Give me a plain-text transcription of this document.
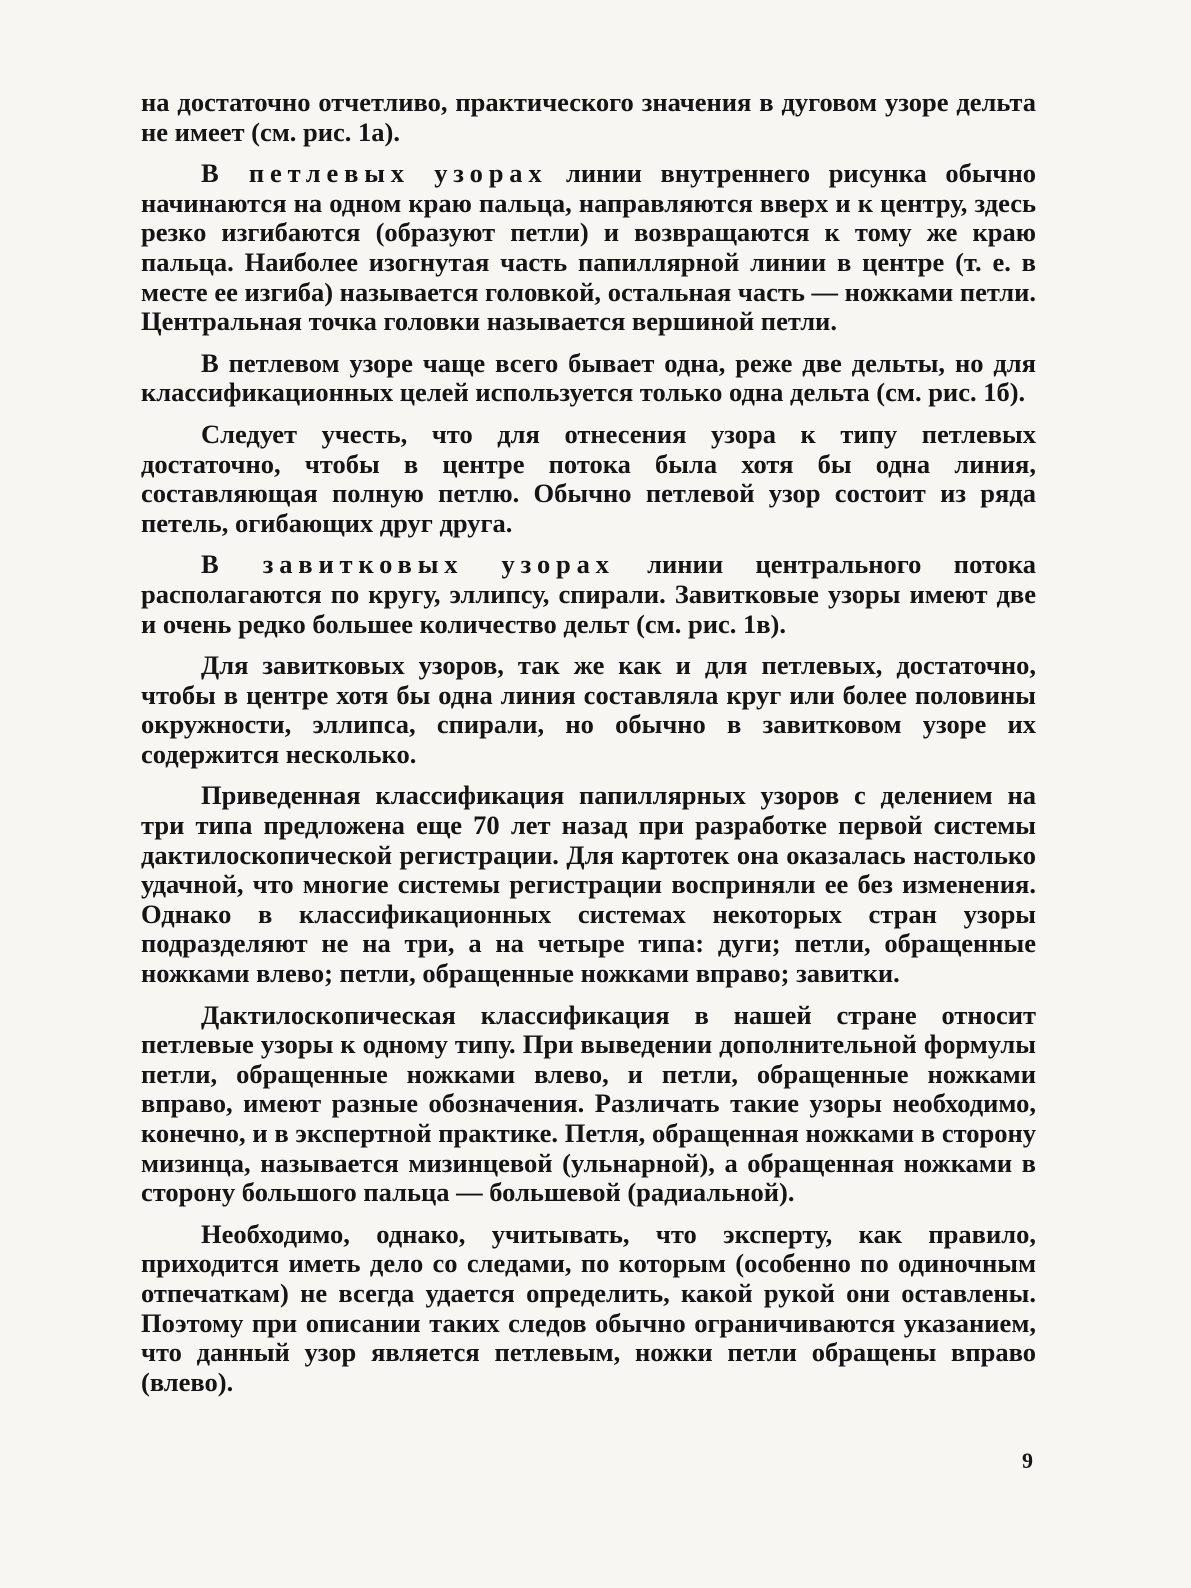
на достаточно отчетливо, практического значения в дуговом узоре дельта не имеет (см. рис. 1а).

В петлевых узорах линии внутреннего рисунка обычно начинаются на одном краю пальца, направляются вверх и к центру, здесь резко изгибаются (образуют петли) и возвращаются к тому же краю пальца. Наиболее изогнутая часть папиллярной линии в центре (т. е. в месте ее изгиба) называется головкой, остальная часть — ножками петли. Центральная точка головки называется вершиной петли.

В петлевом узоре чаще всего бывает одна, реже две дельты, но для классификационных целей используется только одна дельта (см. рис. 1б).

Следует учесть, что для отнесения узора к типу петлевых достаточно, чтобы в центре потока была хотя бы одна линия, составляющая полную петлю. Обычно петлевой узор состоит из ряда петель, огибающих друг друга.

В завитковых узорах линии центрального потока располагаются по кругу, эллипсу, спирали. Завитковые узоры имеют две и очень редко большее количество дельт (см. рис. 1в).

Для завитковых узоров, так же как и для петлевых, достаточно, чтобы в центре хотя бы одна линия составляла круг или более половины окружности, эллипса, спирали, но обычно в завитковом узоре их содержится несколько.

Приведенная классификация папиллярных узоров с делением на три типа предложена еще 70 лет назад при разработке первой системы дактилоскопической регистрации. Для картотек она оказалась настолько удачной, что многие системы регистрации восприняли ее без изменения. Однако в классификационных системах некоторых стран узоры подразделяют не на три, а на четыре типа: дуги; петли, обращенные ножками влево; петли, обращенные ножками вправо; завитки.

Дактилоскопическая классификация в нашей стране относит петлевые узоры к одному типу. При выведении дополнительной формулы петли, обращенные ножками влево, и петли, обращенные ножками вправо, имеют разные обозначения. Различать такие узоры необходимо, конечно, и в экспертной практике. Петля, обращенная ножками в сторону мизинца, называется мизинцевой (ульнарной), а обращенная ножками в сторону большого пальца — большевой (радиальной).

Необходимо, однако, учитывать, что эксперту, как правило, приходится иметь дело со следами, по которым (особенно по одиночным отпечаткам) не всегда удается определить, какой рукой они оставлены. Поэтому при описании таких следов обычно ограничиваются указанием, что данный узор является петлевым, ножки петли обращены вправо (влево).

9
